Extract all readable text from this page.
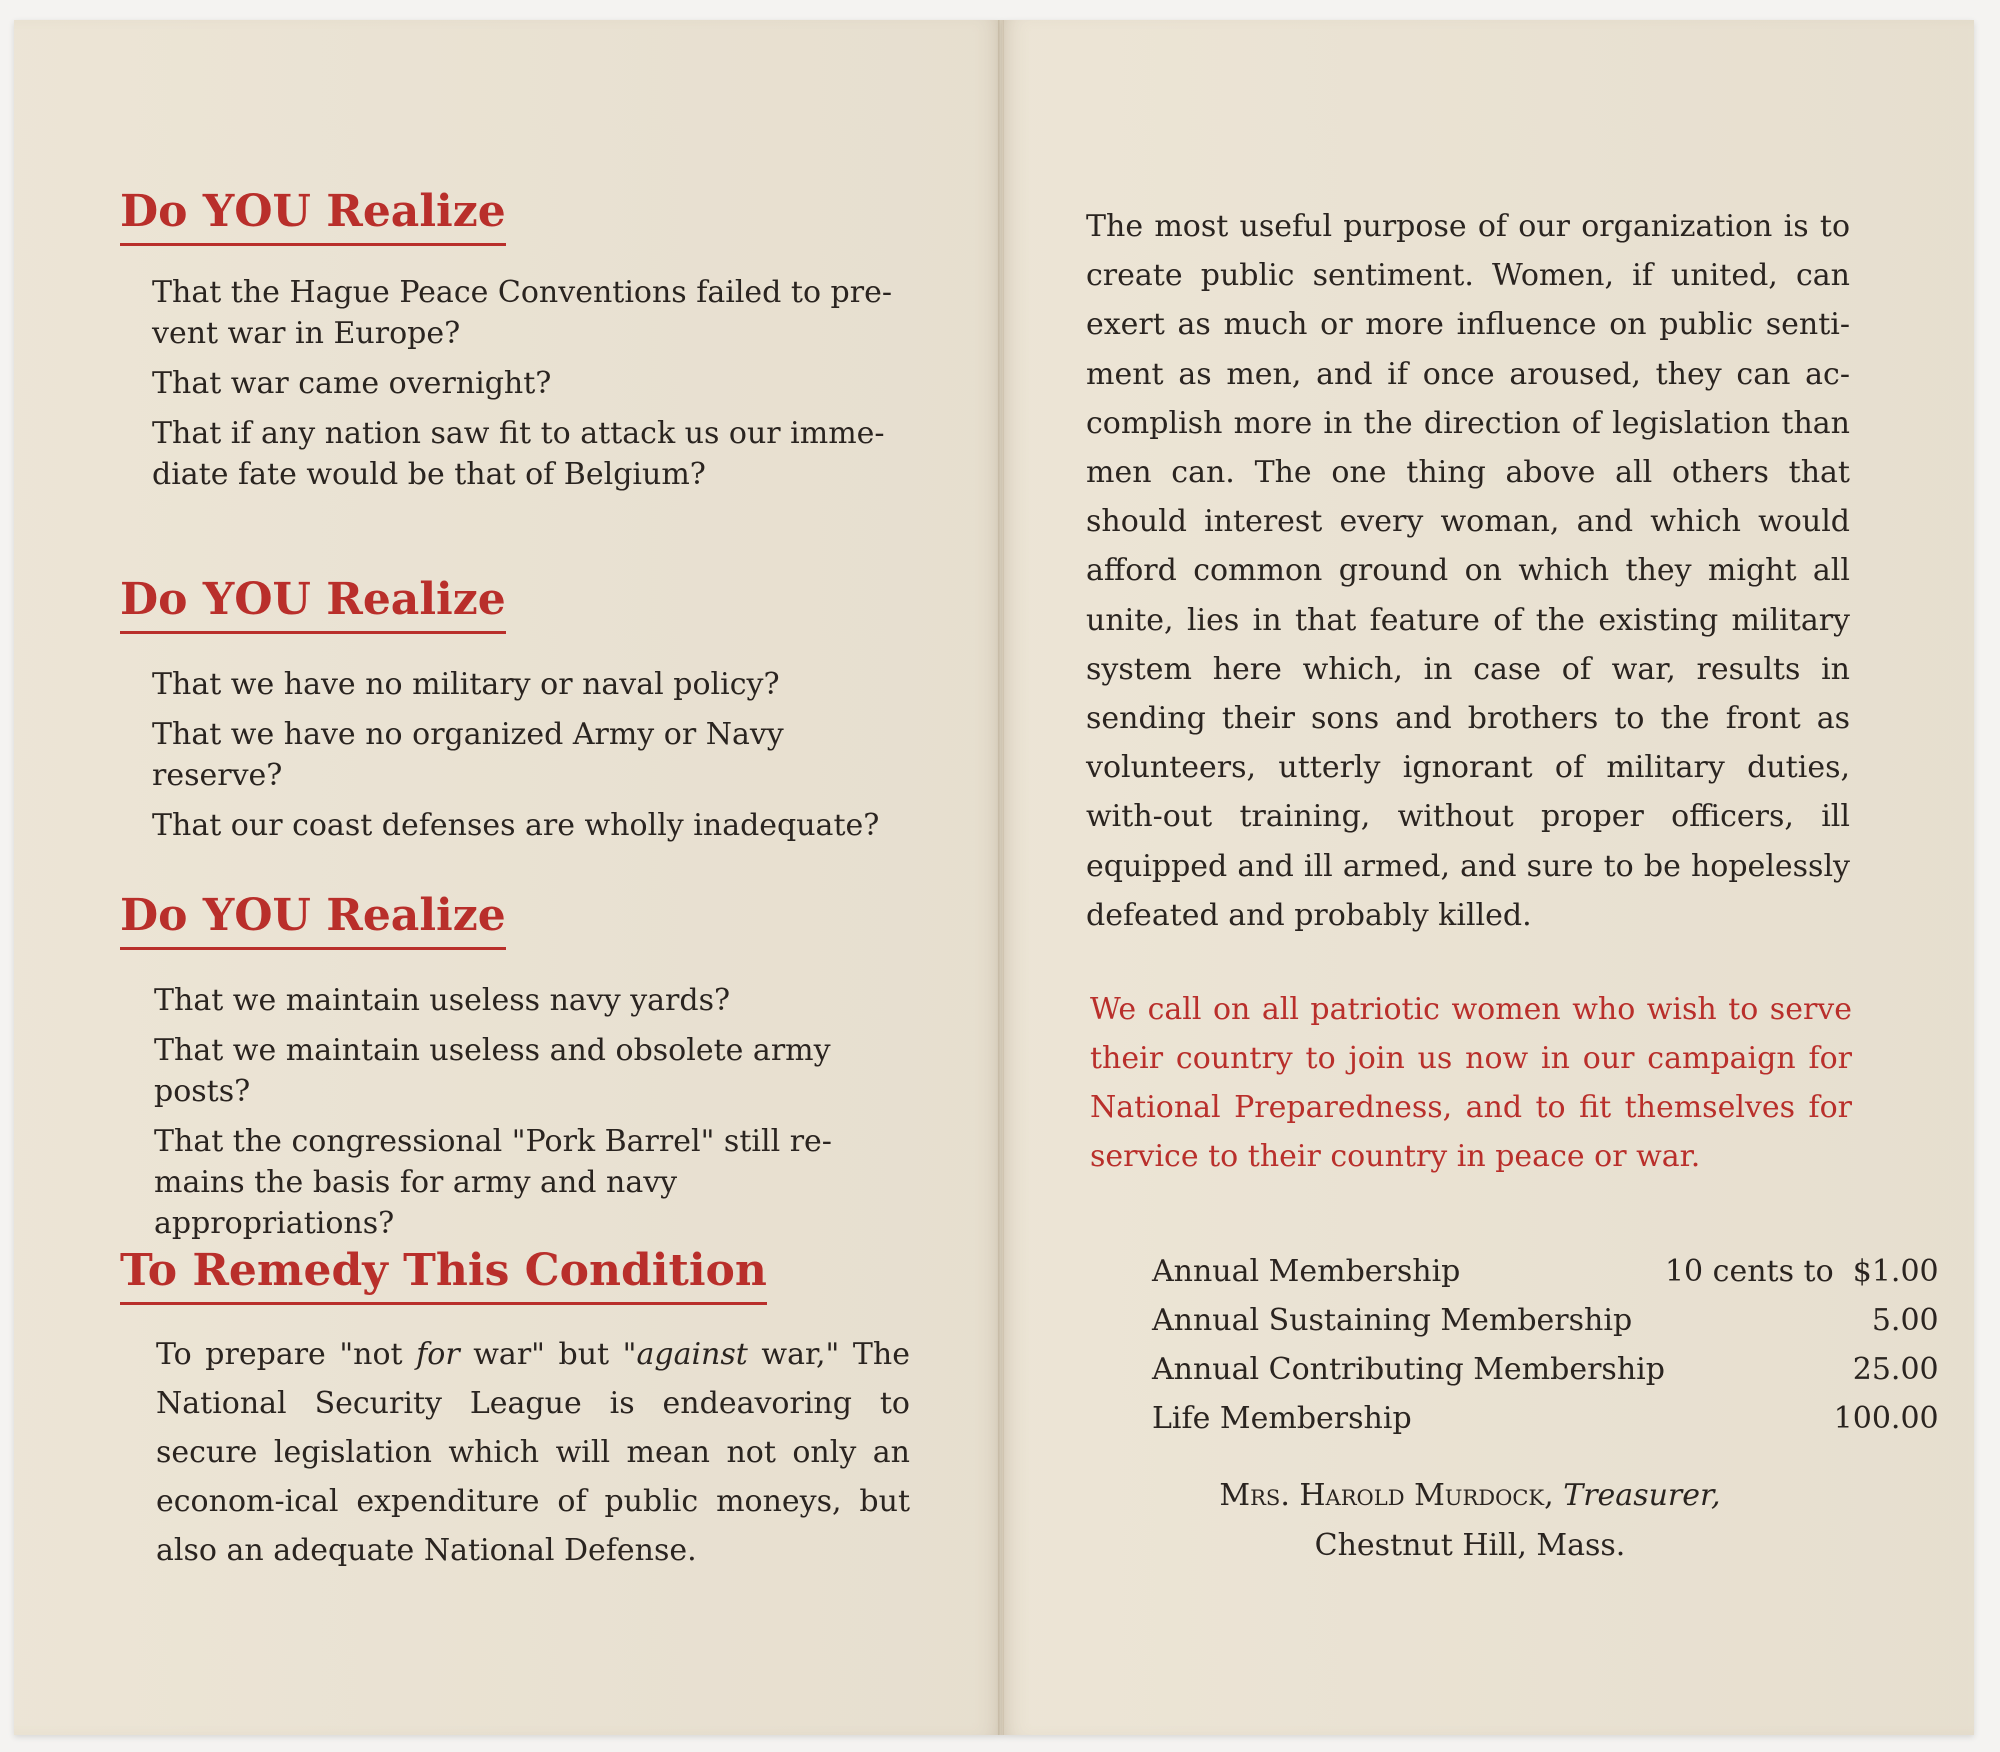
Do YOU Realize
That the Hague Peace Conventions failed to pre-vent war in Europe?
That war came overnight?
That if any nation saw fit to attack us our imme-diate fate would be that of Belgium?
Do YOU Realize
That we have no military or naval policy?
That we have no organized Army or Navy reserve?
That our coast defenses are wholly inadequate?
Do YOU Realize
That we maintain useless navy yards?
That we maintain useless and obsolete army posts?
That the congressional "Pork Barrel" still re-mains the basis for army and navy appropriations?
To Remedy This Condition
To prepare "not for war" but "against war," The National Security League is endeavoring to secure legislation which will mean not only an econom-ical expenditure of public moneys, but also an adequate National Defense.
The most useful purpose of our organization is to create public sentiment. Women, if united, can exert as much or more influence on public senti-ment as men, and if once aroused, they can ac-complish more in the direction of legislation than men can. The one thing above all others that should interest every woman, and which would afford common ground on which they might all unite, lies in that feature of the existing military system here which, in case of war, results in sending their sons and brothers to the front as volunteers, utterly ignorant of military duties, with-out training, without proper officers, ill equipped and ill armed, and sure to be hopelessly defeated and probably killed.
We call on all patriotic women who wish to serve their country to join us now in our campaign for National Preparedness, and to fit themselves for service to their country in peace or war.
Annual Membership	10 cents to	$1.00
Annual Sustaining Membership		5.00
Annual Contributing Membership		25.00
Life Membership		100.00
Mrs. Harold Murdock, Treasurer,
Chestnut Hill, Mass.
